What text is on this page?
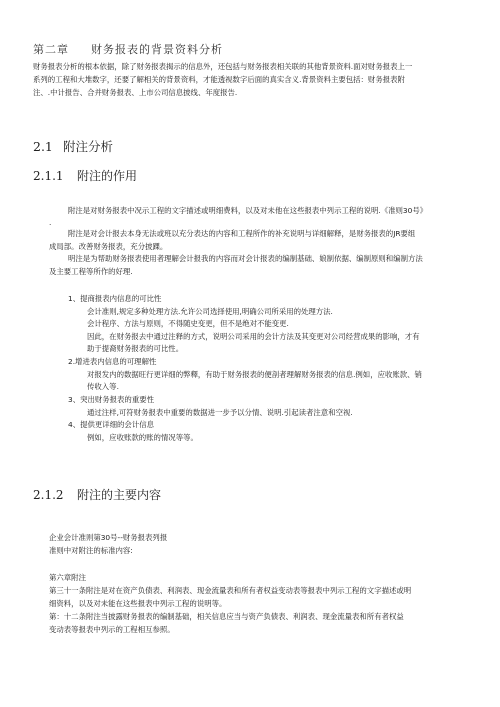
第二章 财务报表的背景资料分析
财务报表分析的根本依据，除了财务报表揭示的信息外，还包括与财务报表相关联的其他背景资料.面对财务报表上一
系列的工程和大堆数字，还要了解相关的背景资料，才能透视数字后面的真实含义.背景资料主要包括：财务报表附
注、.中计报告、合并财务报表、上市公司信息披线、年度报告.
2.1 附注分析
2.1.1 附注的作用
附注是对财务报表中况示工程的文字描述或明细费料，以及对未他在这些报表中列示工程的说明.《准则30号》
.
附注是对会计报去本身无法或班以充分表达的内容和工程所作的补充说明与详细解释，是财务报表的JR要组
成局部。改善财务报表，充分披踝。
明注是为帮助财务报表使用者理解会计报我的内容而对会计报表的编制基础、娘制依据、编制原则和编制方法
及主要工程等所作的好理.
1、提商报表内信息的可比性
会计准则,规定多种处理方法.允许公司选择使用,明确公司所采用的处理方法.
会计程序、方法与原则，不得随史变更，但不是绝对不能变更.
因此，在财务报去中通过注释的方式，说明公司采用的会计方法及其变更对公司经营成果的影响，才有
助于提裔财务报表的可比性。
2.增进表内信息的可理解性
对报发内的数据旺行更详细的弊釋，有助于财务报表的便剖者理解财务报表的信息.例如，应收账款、销
传收入等.
3、突出财务报表的重要性
通过注样,可符财务报表中重要的数据进一步予以分情、说明.引起读者注意和空视.
4、提供更详细的会计信息
例如，应收账款的账的情况等等。
2.1.2 附注的主要内容
企业会计准则第30号--财务报表列报
准则中对附注的标准内容:
第六章附注
第三十一条附注是对在资产负债表、利润表、现金流量表和所有者权益变动表等报表中列示工程的文字描述或明
细资料，以及对未能在这些报表中列示工程的说明等。
第：十二条附注当披露财务报表的编制基础，相关信息应当与资产负债表、利润表、现金流量表和所有者权益
变动表等报表中列示的工程相互参照。
